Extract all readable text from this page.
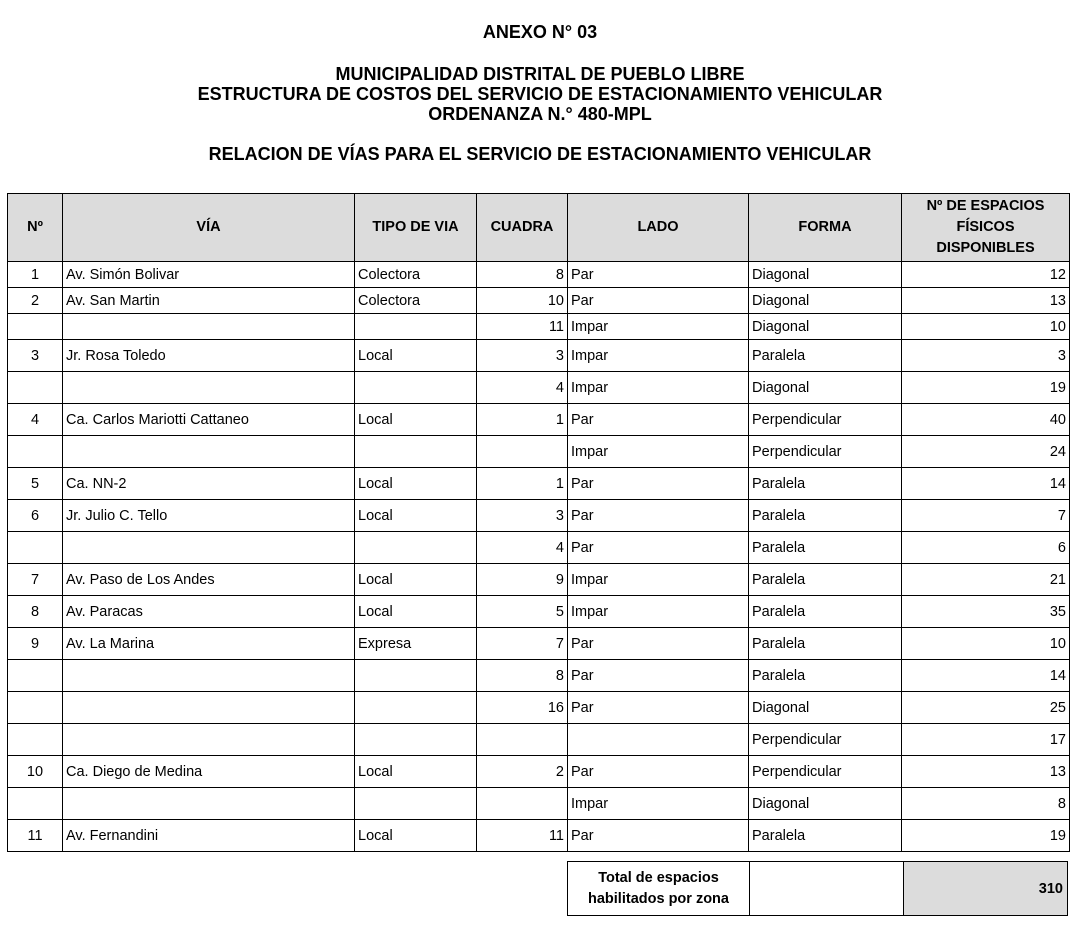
ANEXO N° 03
MUNICIPALIDAD DISTRITAL DE PUEBLO LIBRE
ESTRUCTURA DE COSTOS DEL SERVICIO DE ESTACIONAMIENTO VEHICULAR
ORDENANZA N.° 480-MPL
RELACION DE VÍAS PARA EL SERVICIO DE ESTACIONAMIENTO VEHICULAR
Nº	VÍA	TIPO DE VIA	CUADRA	LADO	FORMA	Nº DE ESPACIOS
FÍSICOS
DISPONIBLES

1	Av. Simón Bolivar	Colectora	8	Par	Diagonal	12
2	Av. San Martin	Colectora	10	Par	Diagonal	13
			11	Impar	Diagonal	10
3	Jr. Rosa Toledo	Local	3	Impar	Paralela	3
			4	Impar	Diagonal	19
4	Ca. Carlos Mariotti Cattaneo	Local	1	Par	Perpendicular	40
				Impar	Perpendicular	24
5	Ca. NN-2	Local	1	Par	Paralela	14
6	Jr. Julio C. Tello	Local	3	Par	Paralela	7
			4	Par	Paralela	6
7	Av. Paso de Los Andes	Local	9	Impar	Paralela	21
8	Av. Paracas	Local	5	Impar	Paralela	35
9	Av. La Marina	Expresa	7	Par	Paralela	10
			8	Par	Paralela	14
			16	Par	Diagonal	25
					Perpendicular	17
10	Ca. Diego de Medina	Local	2	Par	Perpendicular	13
				Impar	Diagonal	8
11	Av. Fernandini	Local	11	Par	Paralela	19
Total de espacios habilitados por zona		310
